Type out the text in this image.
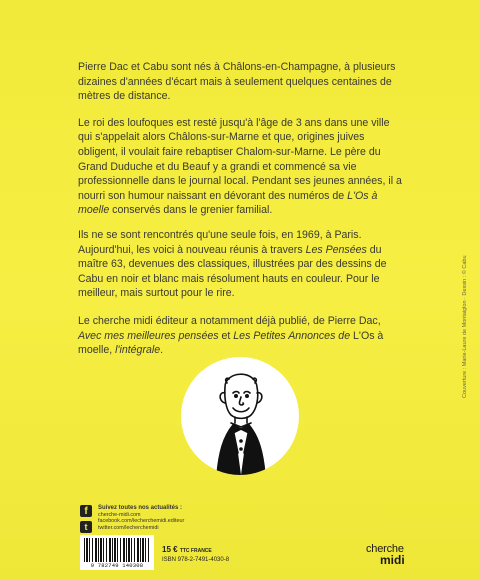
Pierre Dac et Cabu sont nés à Châlons-en-Champagne, à plusieurs dizaines d'années d'écart mais à seulement quelques centaines de mètres de distance.

Le roi des loufoques est resté jusqu'à l'âge de 3 ans dans une ville qui s'appelait alors Châlons-sur-Marne et que, origines juives obligent, il voulait faire rebaptiser Chalom-sur-Marne. Le père du Grand Duduche et du Beauf y a grandi et commencé sa vie professionnelle dans le journal local. Pendant ses jeunes années, il a nourri son humour naissant en dévorant des numéros de L'Os à moelle conservés dans le grenier familial.

Ils ne se sont rencontrés qu'une seule fois, en 1969, à Paris. Aujourd'hui, les voici à nouveau réunis à travers Les Pensées du maître 63, devenues des classiques, illustrées par des dessins de Cabu en noir et blanc mais résolument hauts en couleur. Pour le meilleur, mais surtout pour le rire.

Le cherche midi éditeur a notamment déjà publié, de Pierre Dac, Avec mes meilleures pensées et Les Petites Annonces de L'Os à moelle, l'intégrale.	Couverture : Marie-Laure de Montaiglon · Dessin : © Cabu
f
t
Suivez toutes nos actualités :
cherche-midi.com
facebook.com/lecherchemidi.editeur
twitter.com/lecherchemidi
9 782749 140308
15 € TTC FRANCE
ISBN 978-2-7491-4030-8
cherche
midi
